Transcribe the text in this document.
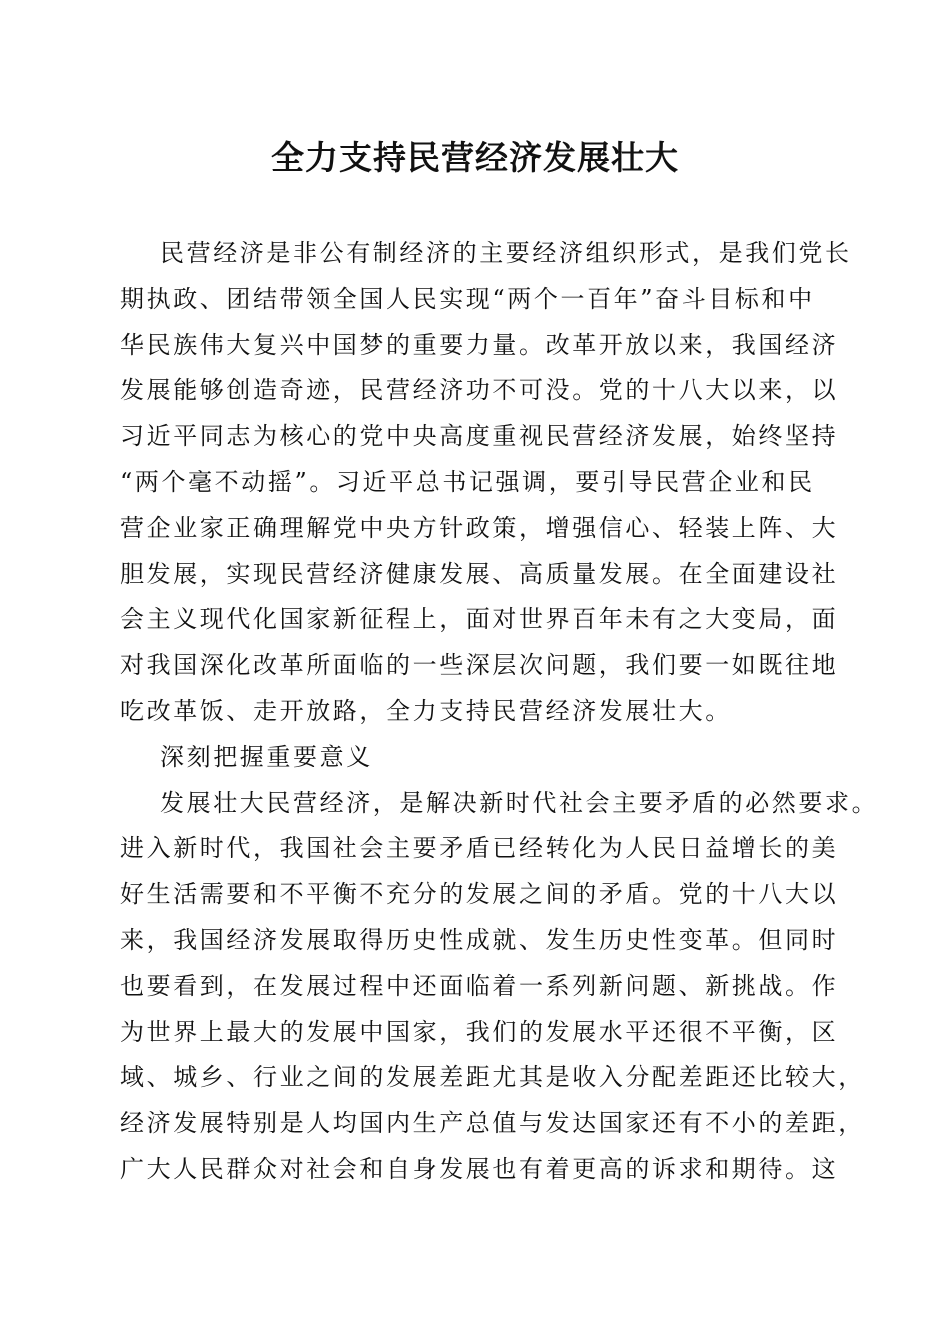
全力支持民营经济发展壮大
民营经济是非公有制经济的主要经济组织形式，是我们党长
期执政、团结带领全国人民实现“两个一百年”奋斗目标和中
华民族伟大复兴中国梦的重要力量。改革开放以来，我国经济
发展能够创造奇迹，民营经济功不可没。党的十八大以来，以
习近平同志为核心的党中央高度重视民营经济发展，始终坚持
“两个毫不动摇”。习近平总书记强调，要引导民营企业和民
营企业家正确理解党中央方针政策，增强信心、轻装上阵、大
胆发展，实现民营经济健康发展、高质量发展。在全面建设社
会主义现代化国家新征程上，面对世界百年未有之大变局，面
对我国深化改革所面临的一些深层次问题，我们要一如既往地
吃改革饭、走开放路，全力支持民营经济发展壮大。
深刻把握重要意义
发展壮大民营经济，是解决新时代社会主要矛盾的必然要求。
进入新时代，我国社会主要矛盾已经转化为人民日益增长的美
好生活需要和不平衡不充分的发展之间的矛盾。党的十八大以
来，我国经济发展取得历史性成就、发生历史性变革。但同时
也要看到，在发展过程中还面临着一系列新问题、新挑战。作
为世界上最大的发展中国家，我们的发展水平还很不平衡，区
域、城乡、行业之间的发展差距尤其是收入分配差距还比较大，
经济发展特别是人均国内生产总值与发达国家还有不小的差距，
广大人民群众对社会和自身发展也有着更高的诉求和期待。这
